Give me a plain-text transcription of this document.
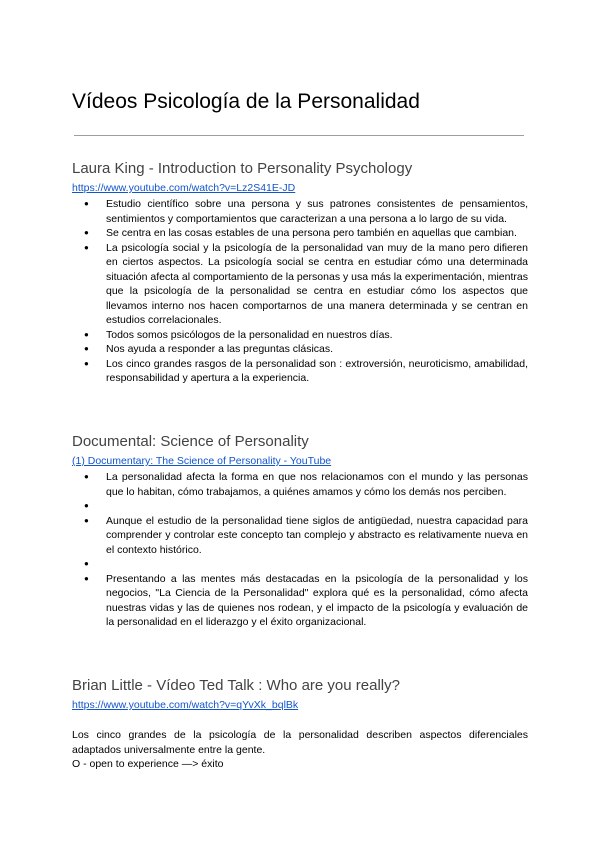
Vídeos Psicología de la Personalidad
Laura King - Introduction to Personality Psychology
https://www.youtube.com/watch?v=Lz2S41E-JD
● Estudio científico sobre una persona y sus patrones consistentes de pensamientos, sentimientos y comportamientos que caracterizan a una persona a lo largo de su vida.
● Se centra en las cosas estables de una persona pero también en aquellas que cambian.
● La psicología social y la psicología de la personalidad van muy de la mano pero difieren en ciertos aspectos. La psicología social se centra en estudiar cómo una determinada situación afecta al comportamiento de la personas y usa más la experimentación, mientras que la psicología de la personalidad se centra en estudiar cómo los aspectos que llevamos interno nos hacen comportarnos de una manera determinada y se centran en estudios correlacionales.
● Todos somos psicólogos de la personalidad en nuestros días.
● Nos ayuda a responder a las preguntas clásicas.
● Los cinco grandes rasgos de la personalidad son : extroversión, neuroticismo, amabilidad, responsabilidad y apertura a la experiencia.
Documental: Science of Personality
(1) Documentary: The Science of Personality - YouTube
● La personalidad afecta la forma en que nos relacionamos con el mundo y las personas que lo habitan, cómo trabajamos, a quiénes amamos y cómo los demás nos perciben.
●
● Aunque el estudio de la personalidad tiene siglos de antigüedad, nuestra capacidad para comprender y controlar este concepto tan complejo y abstracto es relativamente nueva en el contexto histórico.
●
● Presentando a las mentes más destacadas en la psicología de la personalidad y los negocios, "La Ciencia de la Personalidad" explora qué es la personalidad, cómo afecta nuestras vidas y las de quienes nos rodean, y el impacto de la psicología y evaluación de la personalidad en el liderazgo y el éxito organizacional.
Brian Little - Vídeo Ted Talk : Who are you really?
https://www.youtube.com/watch?v=qYvXk_bqlBk

Los cinco grandes de la psicología de la personalidad describen aspectos diferenciales adaptados universalmente entre la gente.

O - open to experience —> éxito
